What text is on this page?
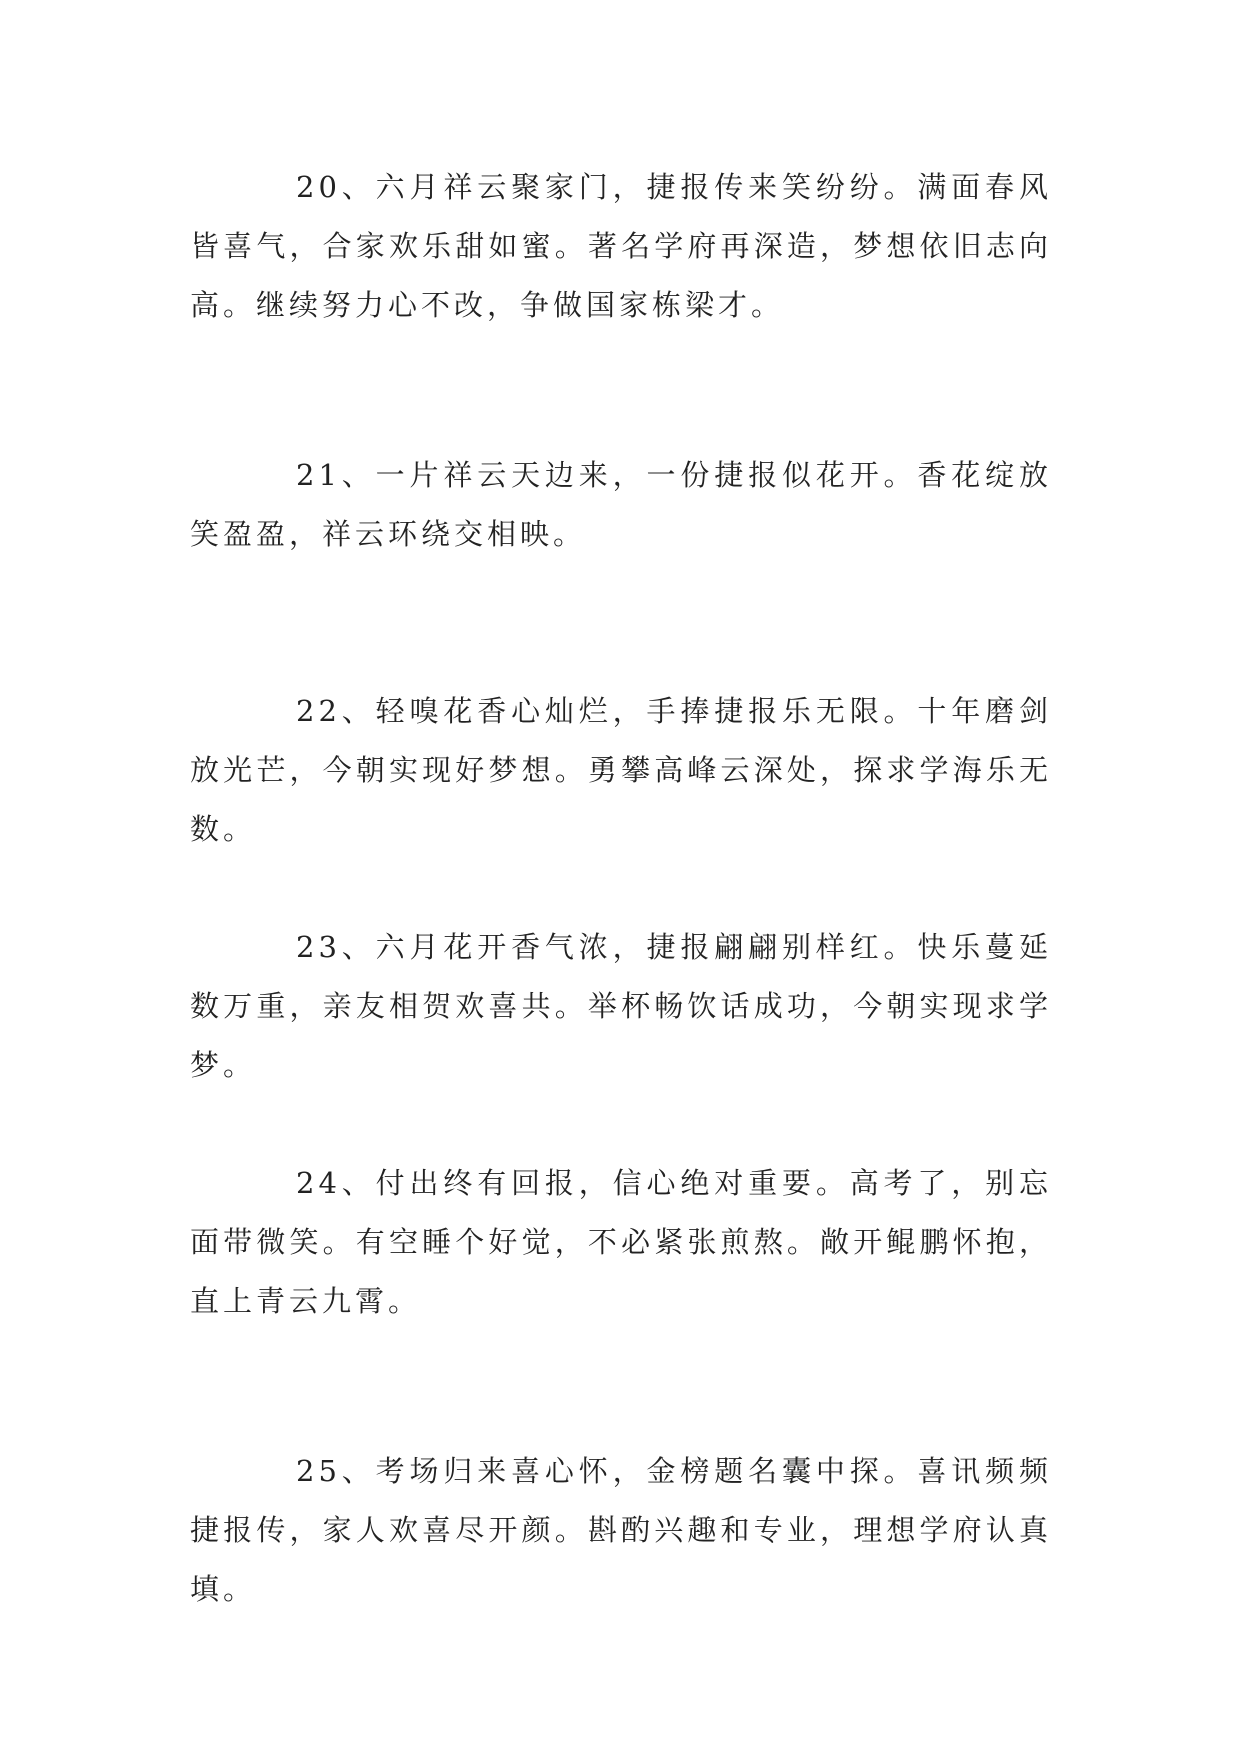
20、六月祥云聚家门，捷报传来笑纷纷。满面春风皆喜气，合家欢乐甜如蜜。著名学府再深造，梦想依旧志向高。继续努力心不改，争做国家栋梁才。

21、一片祥云天边来，一份捷报似花开。香花绽放笑盈盈，祥云环绕交相映。

22、轻嗅花香心灿烂，手捧捷报乐无限。十年磨剑放光芒，今朝实现好梦想。勇攀高峰云深处，探求学海乐无数。

23、六月花开香气浓，捷报翩翩别样红。快乐蔓延数万重，亲友相贺欢喜共。举杯畅饮话成功，今朝实现求学梦。

24、付出终有回报，信心绝对重要。高考了，别忘面带微笑。有空睡个好觉，不必紧张煎熬。敞开鲲鹏怀抱，直上青云九霄。

25、考场归来喜心怀，金榜题名囊中探。喜讯频频捷报传，家人欢喜尽开颜。斟酌兴趣和专业，理想学府认真填。
